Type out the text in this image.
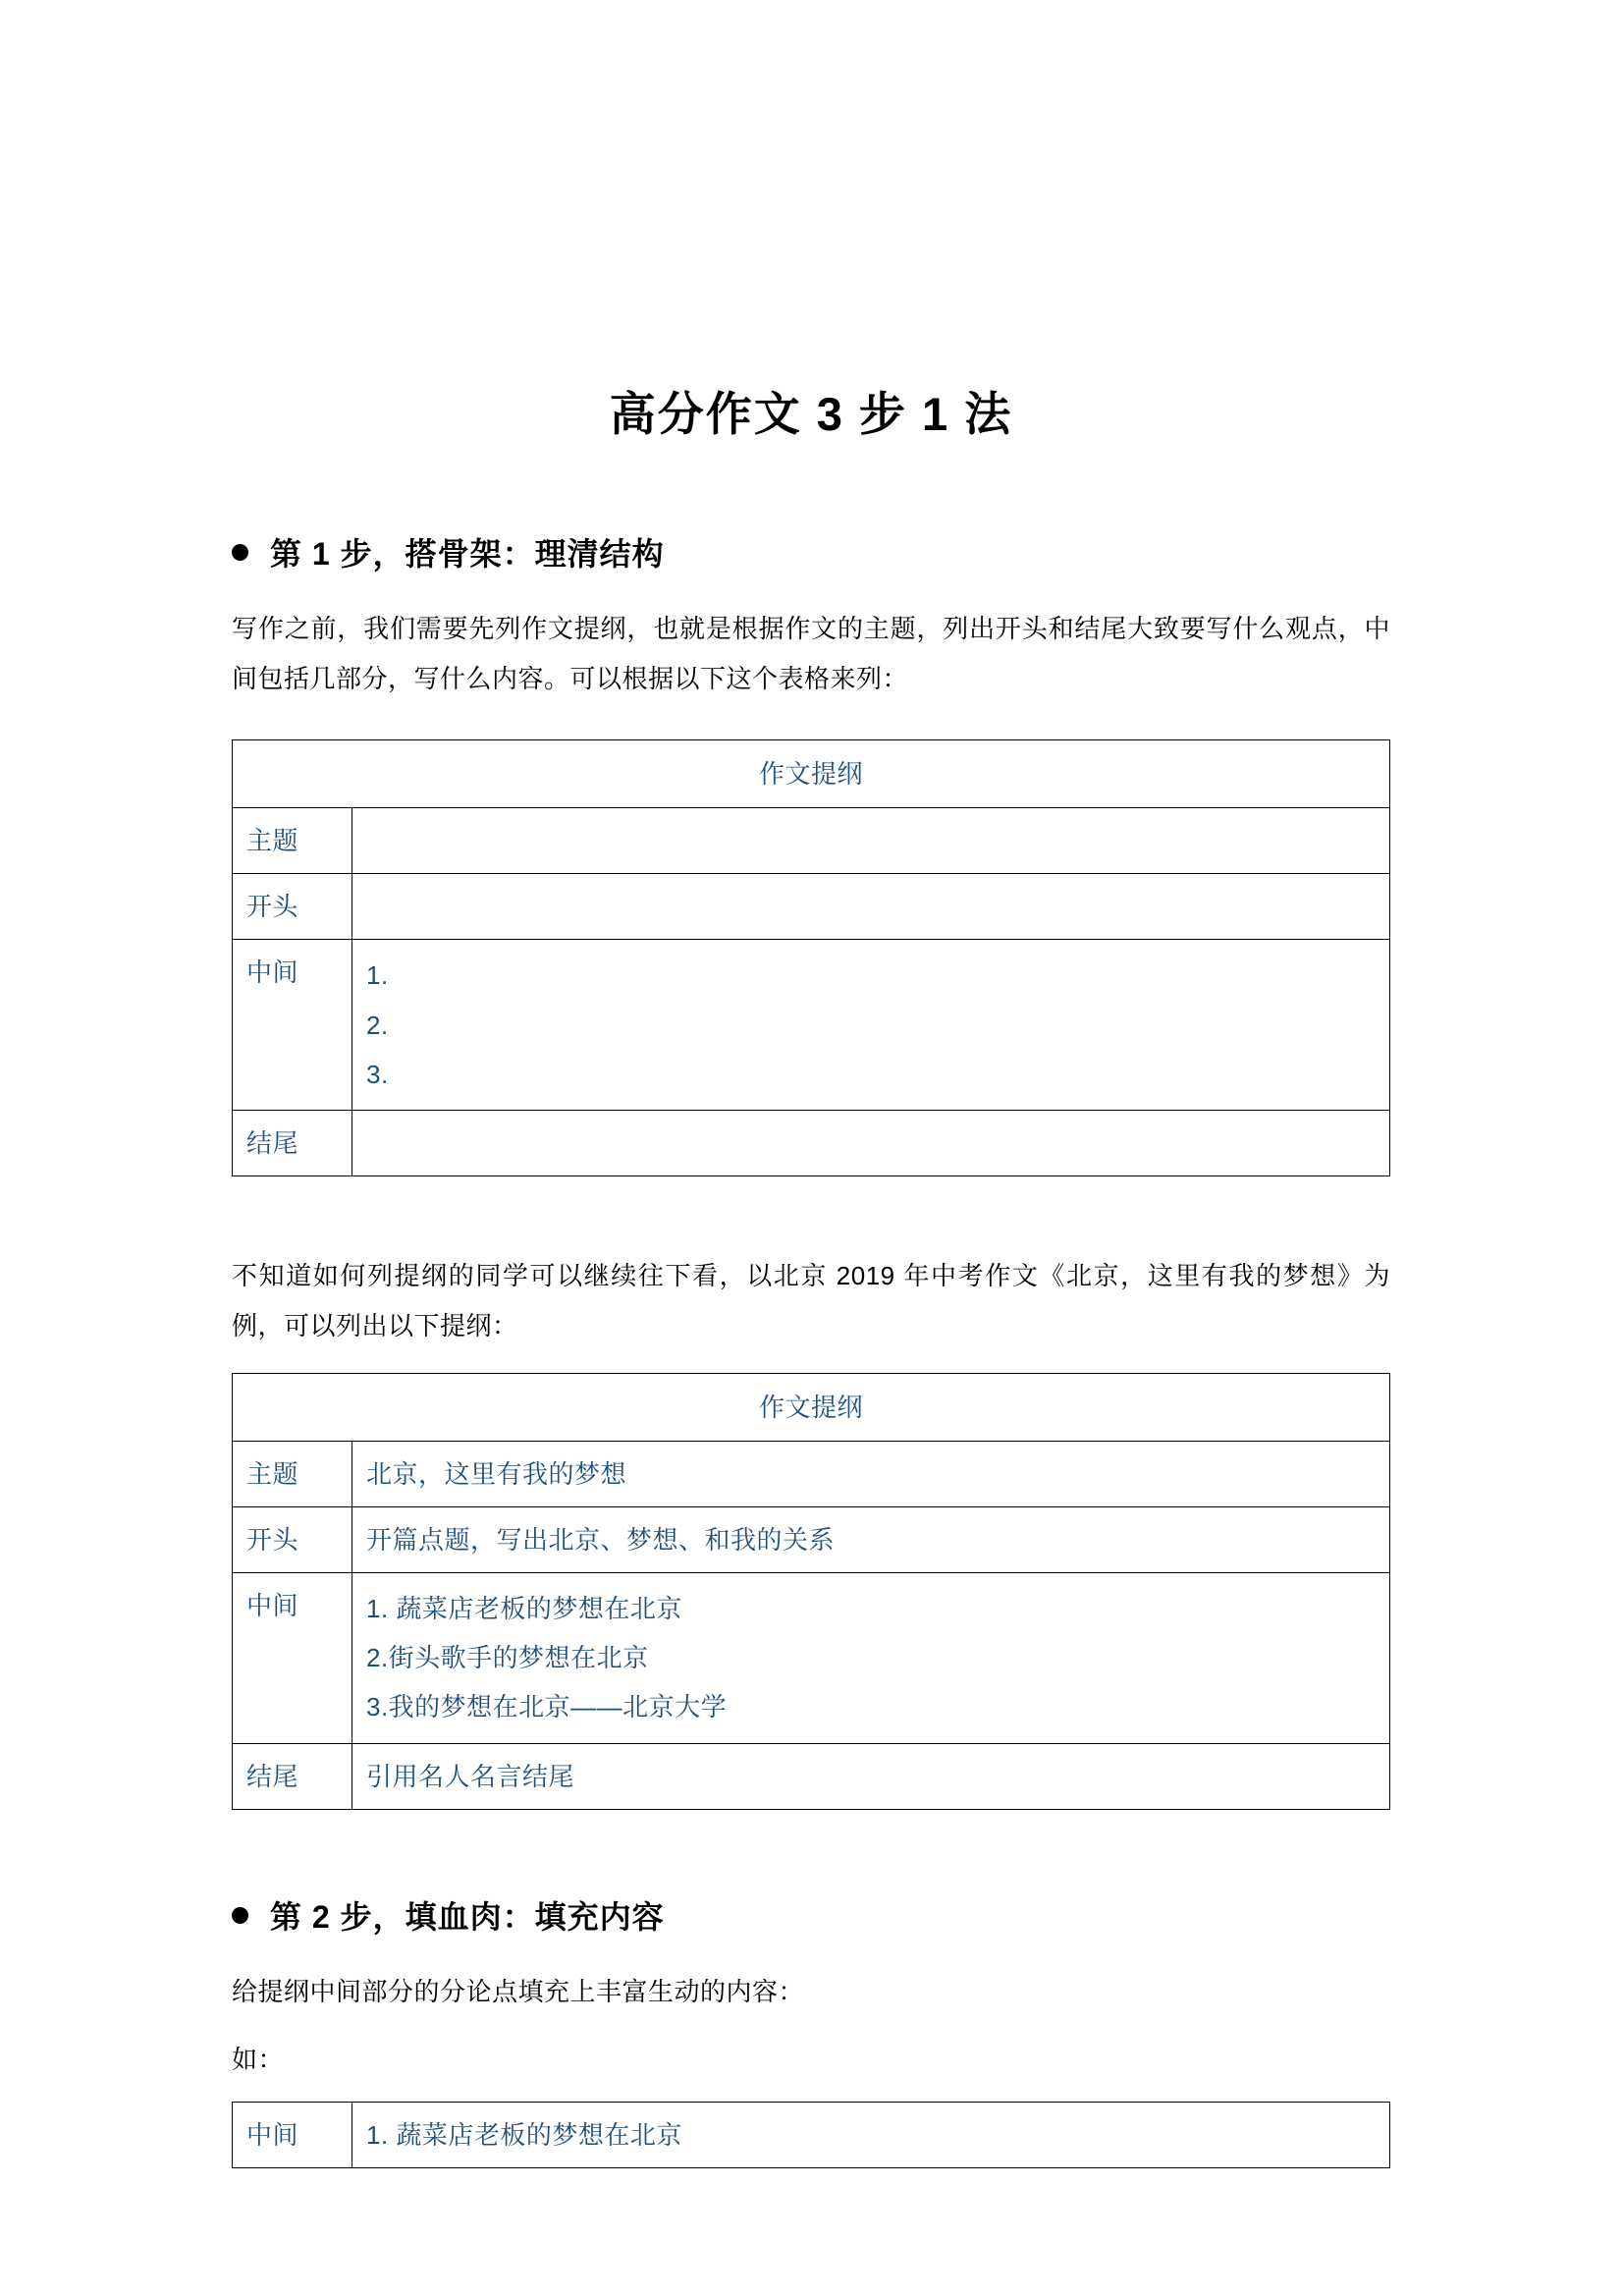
高分作文 3 步 1 法
第 1 步，搭骨架：理清结构

写作之前，我们需要先列作文提纲，也就是根据作文的主题，列出开头和结尾大致要写什么观点，中间包括几部分，写什么内容。可以根据以下这个表格来列：

作文提纲	
主题	

开头	

中间	1.
2.
3.

结尾	

不知道如何列提纲的同学可以继续往下看，以北京 2019 年中考作文《北京，这里有我的梦想》为例，可以列出以下提纲：

作文提纲	
主题	北京，这里有我的梦想
开头	开篇点题，写出北京、梦想、和我的关系
中间	1. 蔬菜店老板的梦想在北京
2.街头歌手的梦想在北京
3.我的梦想在北京——北京大学

结尾	引用名人名言结尾
第 2 步，填血肉：填充内容

给提纲中间部分的分论点填充上丰富生动的内容：

如：

中间	1. 蔬菜店老板的梦想在北京
